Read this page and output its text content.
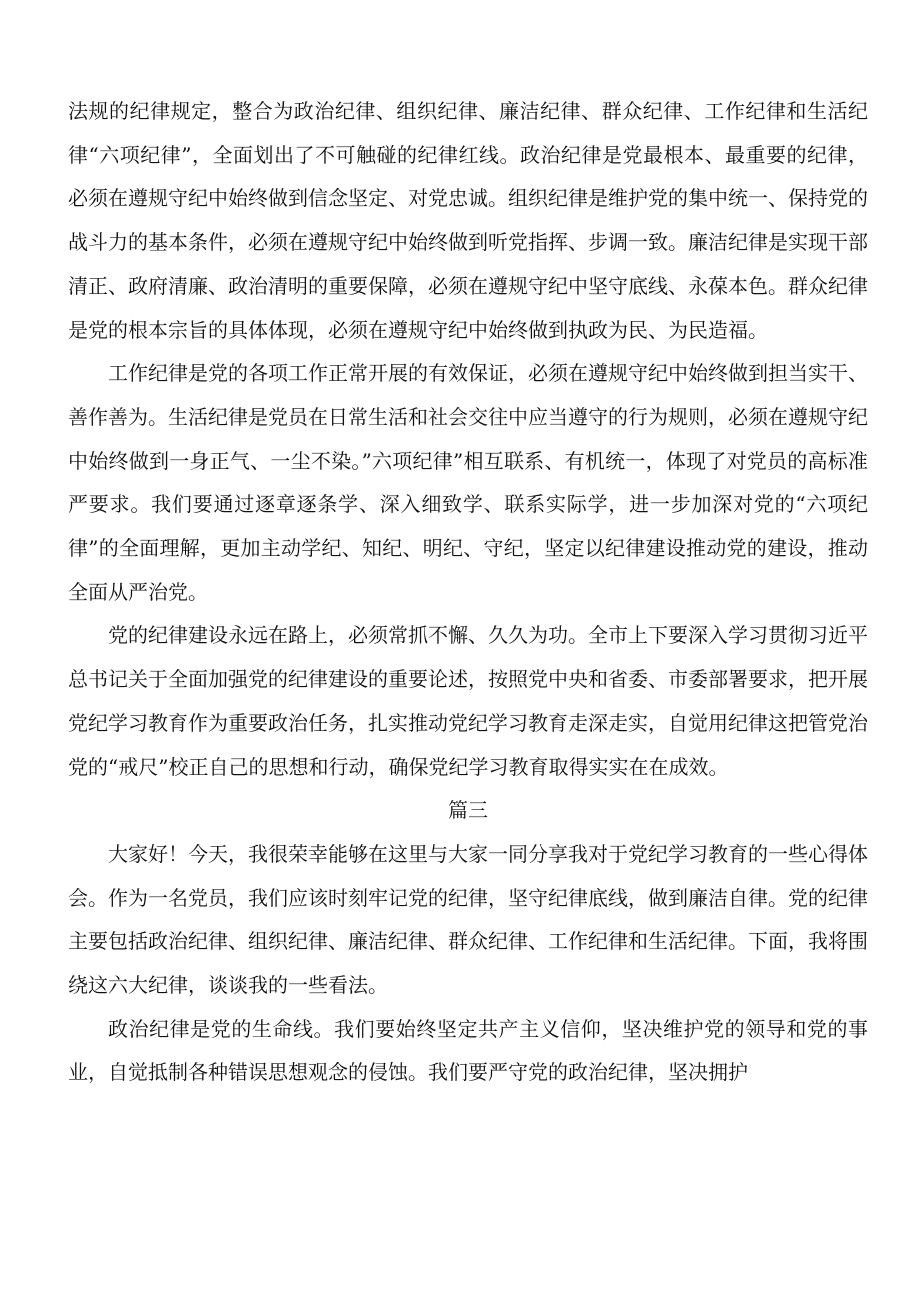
法规的纪律规定，整合为政治纪律、组织纪律、廉洁纪律、群众纪律、工作纪律和生活纪律“六项纪律”，全面划出了不可触碰的纪律红线。政治纪律是党最根本、最重要的纪律，必须在遵规守纪中始终做到信念坚定、对党忠诚。组织纪律是维护党的集中统一、保持党的战斗力的基本条件，必须在遵规守纪中始终做到听党指挥、步调一致。廉洁纪律是实现干部清正、政府清廉、政治清明的重要保障，必须在遵规守纪中坚守底线、永葆本色。群众纪律是党的根本宗旨的具体体现，必须在遵规守纪中始终做到执政为民、为民造福。

工作纪律是党的各项工作正常开展的有效保证，必须在遵规守纪中始终做到担当实干、善作善为。生活纪律是党员在日常生活和社会交往中应当遵守的行为规则，必须在遵规守纪中始终做到一身正气、一尘不染。”六项纪律”相互联系、有机统一，体现了对党员的高标准严要求。我们要通过逐章逐条学、深入细致学、联系实际学，进一步加深对党的“六项纪律”的全面理解，更加主动学纪、知纪、明纪、守纪，坚定以纪律建设推动党的建设，推动全面从严治党。

党的纪律建设永远在路上，必须常抓不懈、久久为功。全市上下要深入学习贯彻习近平总书记关于全面加强党的纪律建设的重要论述，按照党中央和省委、市委部署要求，把开展党纪学习教育作为重要政治任务，扎实推动党纪学习教育走深走实，自觉用纪律这把管党治党的“戒尺”校正自己的思想和行动，确保党纪学习教育取得实实在在成效。

篇三

大家好！今天，我很荣幸能够在这里与大家一同分享我对于党纪学习教育的一些心得体会。作为一名党员，我们应该时刻牢记党的纪律，坚守纪律底线，做到廉洁自律。党的纪律主要包括政治纪律、组织纪律、廉洁纪律、群众纪律、工作纪律和生活纪律。下面，我将围绕这六大纪律，谈谈我的一些看法。

政治纪律是党的生命线。我们要始终坚定共产主义信仰，坚决维护党的领导和党的事业，自觉抵制各种错误思想观念的侵蚀。我们要严守党的政治纪律，坚决拥护
